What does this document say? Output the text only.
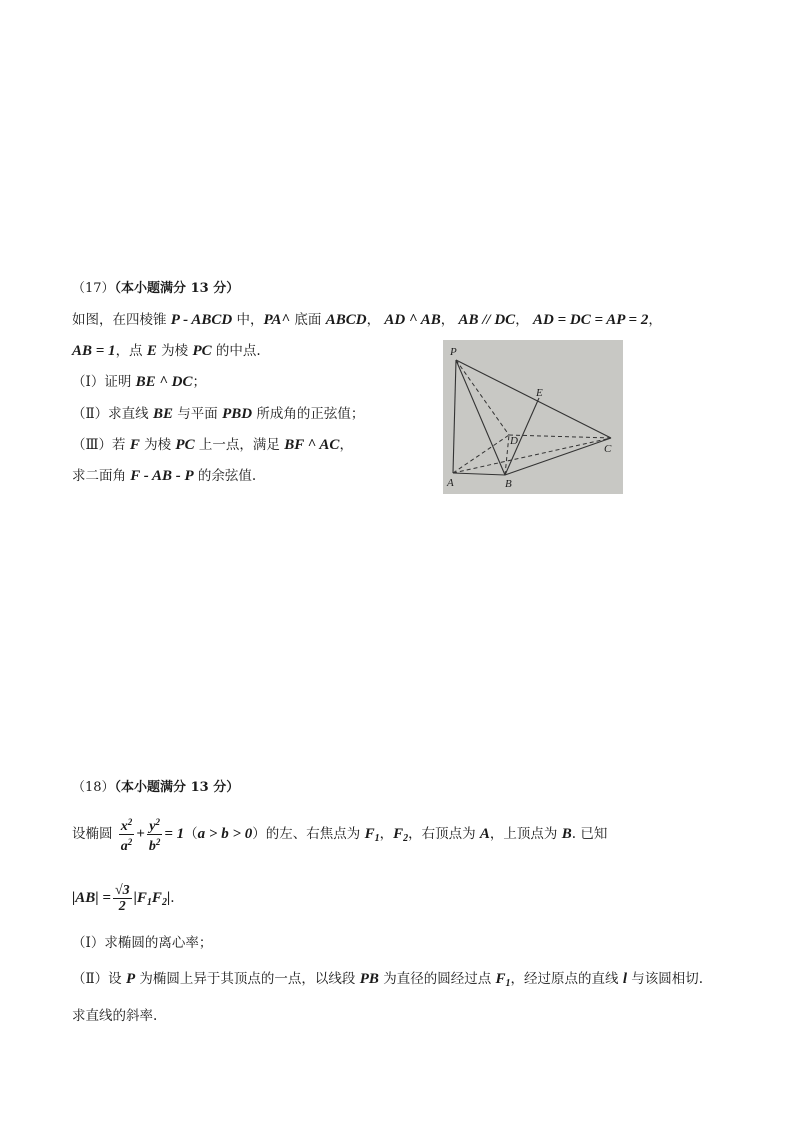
（17）（本小题满分 13 分）
如图，在四棱锥 P - ABCD 中，PA^ 底面 ABCD， AD ^ AB， AB // DC， AD = DC = AP = 2，
AB = 1，点 E 为棱 PC 的中点.
（Ⅰ）证明 BE ^ DC；
（Ⅱ）求直线 BE 与平面 PBD 所成角的正弦值；
（Ⅲ）若 F 为棱 PC 上一点，满足 BF ^ AC，
求二面角 F - AB - P 的余弦值.
P
A	B
C
D
E
（18）（本小题满分 13 分）
设椭圆 $\frac{x^2}{a^2} + \frac{y^2}{b^2} = 1(a > b > 0)$的左、右焦点为 $F_1$，$F_2$，右顶点为 A，上顶点为 B. 已知
$|AB| = \frac{√3}{2} |F_1F_2|$.
（Ⅰ）求椭圆的离心率；
（Ⅱ）设 P 为椭圆上异于其顶点的一点，以线段 PB 为直径的圆经过点 $F_1$，经过原点的直线 l 与该圆相切.
求直线的斜率.
